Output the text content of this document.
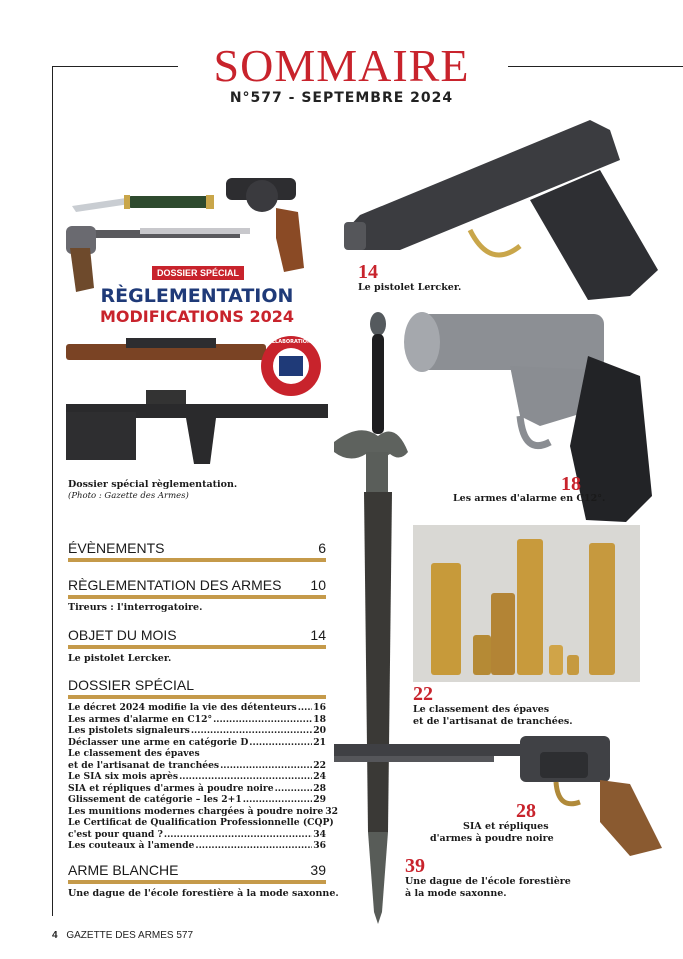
SOMMAIRE
N°577 - SEPTEMBRE 2024
DOSSIER SPÉCIAL
RÈGLEMENTATION
MODIFICATIONS 2024
EN COLLABORATION AVEC
Dossier spécial règlementation.
(Photo : Gazette des Armes)
ÉVÈNEMENTS	6
RÈGLEMENTATION DES ARMES 10
Tireurs : l'interrogatoire.
OBJET DU MOIS	14
Le pistolet Lercker.
DOSSIER SPÉCIAL
Le décret 2024 modifie la vie des détenteurs ..... 16
Les armes d'alarme en C12° .....	18
Les pistolets signaleurs .....	20
Déclasser une arme en catégorie D .....	21
Le classement des épaves
et de l'artisanat de tranchées .....	22
Le SIA six mois après .....	24
SIA et répliques d'armes à poudre noire .....	28
Glissement de catégorie – les 2+1 .....	29
Les munitions modernes chargées à poudre noire 32
Le Certificat de Qualification Professionnelle (CQP)
c'est pour quand ? .....	34
Les couteaux à l'amende .....	36
ARME BLANCHE	39
Une dague de l'école forestière à la mode saxonne.
14
Le pistolet Lercker.
18
Les armes d'alarme en C12°.
22
Le classement des épaves
et de l'artisanat de tranchées.
28
SIA et répliques
d'armes à poudre noire
39
Une dague de l'école forestière
à la mode saxonne.
4 GAZETTE DES ARMES 577
